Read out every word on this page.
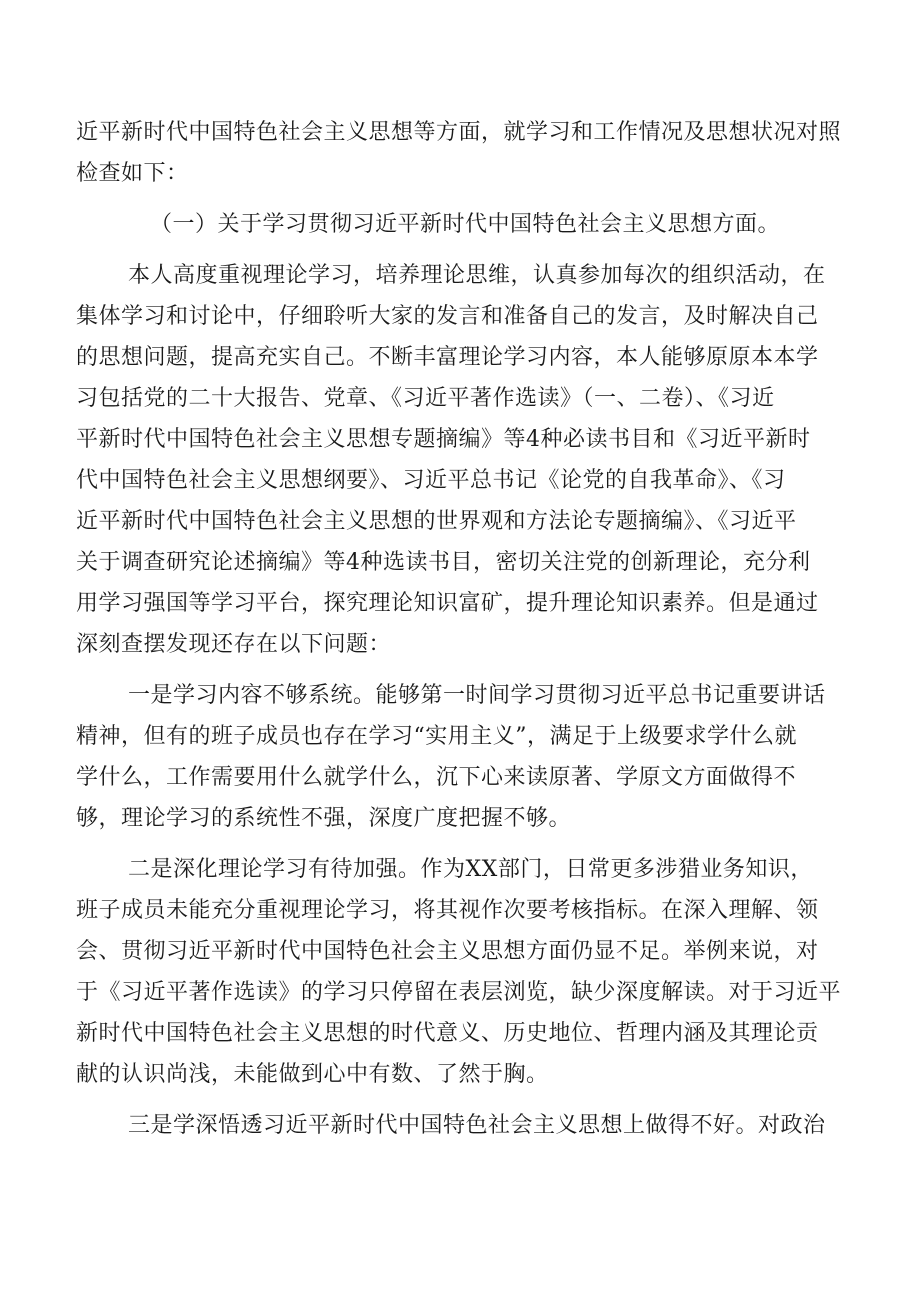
近平新时代中国特色社会主义思想等方面，就学习和工作情况及思想状况对照
检查如下：
（一）关于学习贯彻习近平新时代中国特色社会主义思想方面。
本人高度重视理论学习，培养理论思维，认真参加每次的组织活动，在
集体学习和讨论中，仔细聆听大家的发言和准备自己的发言，及时解决自己
的思想问题，提高充实自己。不断丰富理论学习内容，本人能够原原本本学
习包括党的二十大报告、党章、《习近平著作选读》（一、二卷）、《习近
平新时代中国特色社会主义思想专题摘编》等4种必读书目和《习近平新时
代中国特色社会主义思想纲要》、习近平总书记《论党的自我革命》、《习
近平新时代中国特色社会主义思想的世界观和方法论专题摘编》、《习近平
关于调查研究论述摘编》等4种选读书目，密切关注党的创新理论，充分利
用学习强国等学习平台，探究理论知识富矿，提升理论知识素养。但是通过
深刻查摆发现还存在以下问题：
一是学习内容不够系统。能够第一时间学习贯彻习近平总书记重要讲话
精神，但有的班子成员也存在学习“实用主义”，满足于上级要求学什么就
学什么，工作需要用什么就学什么，沉下心来读原著、学原文方面做得不
够，理论学习的系统性不强，深度广度把握不够。
二是深化理论学习有待加强。作为XX部门，日常更多涉猎业务知识，
班子成员未能充分重视理论学习，将其视作次要考核指标。在深入理解、领
会、贯彻习近平新时代中国特色社会主义思想方面仍显不足。举例来说，对
于《习近平著作选读》的学习只停留在表层浏览，缺少深度解读。对于习近平
新时代中国特色社会主义思想的时代意义、历史地位、哲理内涵及其理论贡
献的认识尚浅，未能做到心中有数、了然于胸。
三是学深悟透习近平新时代中国特色社会主义思想上做得不好。对政治
